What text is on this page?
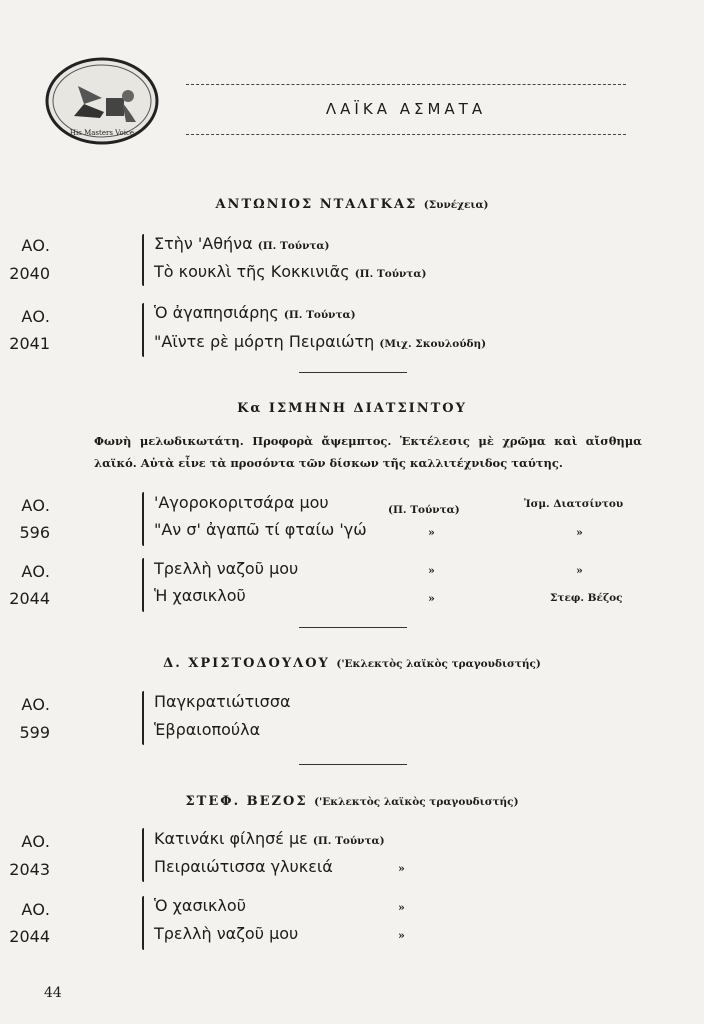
His Masters Voice
ΛΑΪΚΑ ΑΣΜΑΤΑ
ΑΝΤΩΝΙΟΣ ΝΤΑΛΓΚΑΣ (Συνέχεια)
ΑΟ.
2040
Στὴν 'Αθήνα (Π. Τούντα)
Τὸ κουκλὶ τῆς Κοκκινιᾶς (Π. Τούντα)
ΑΟ.
2041
Ὁ ἀγαπησιάρης (Π. Τούντα)
"Αϊντε ρὲ μόρτη Πειραιώτη (Μιχ. Σκουλούδη)
Κα ΙΣΜΗΝΗ ΔΙΑΤΣΙΝΤΟΥ
Φωνὴ μελωδικωτάτη. Προφορὰ ἄψεμπτος. Ἐκτέλεσις μὲ χρῶμα καὶ αἴσθημα λαϊκό. Αὐτὰ εἶνε τὰ προσόντα τῶν δίσκων τῆς καλλιτέχνιδος ταύτης.
ΑΟ.
596
'Αγοροκοριτσάρα μου	(Π. Τούντα)	Ἰσμ. Διατσίντου
"Αν σ' ἀγαπῶ τί φταίω 'γώ	»	»
ΑΟ.
2044
Τρελλὴ ναζοῦ μου	»	»
Ἡ χασικλοῦ	»	Στεφ. Βέζος
Δ. ΧΡΙΣΤΟΔΟΥΛΟΥ ('Εκλεκτὸς λαϊκὸς τραγουδιστής)
ΑΟ.
599
Παγκρατιώτισσα
Ἑβραιοπούλα
ΣΤΕΦ. ΒΕΖΟΣ ('Εκλεκτὸς λαϊκὸς τραγουδιστής)
ΑΟ.
2043
Κατινάκι φίλησέ με (Π. Τούντα)
Πειραιώτισσα γλυκειά	»
ΑΟ.
2044
Ὁ χασικλοῦ	»
Τρελλὴ ναζοῦ μου	»
44
